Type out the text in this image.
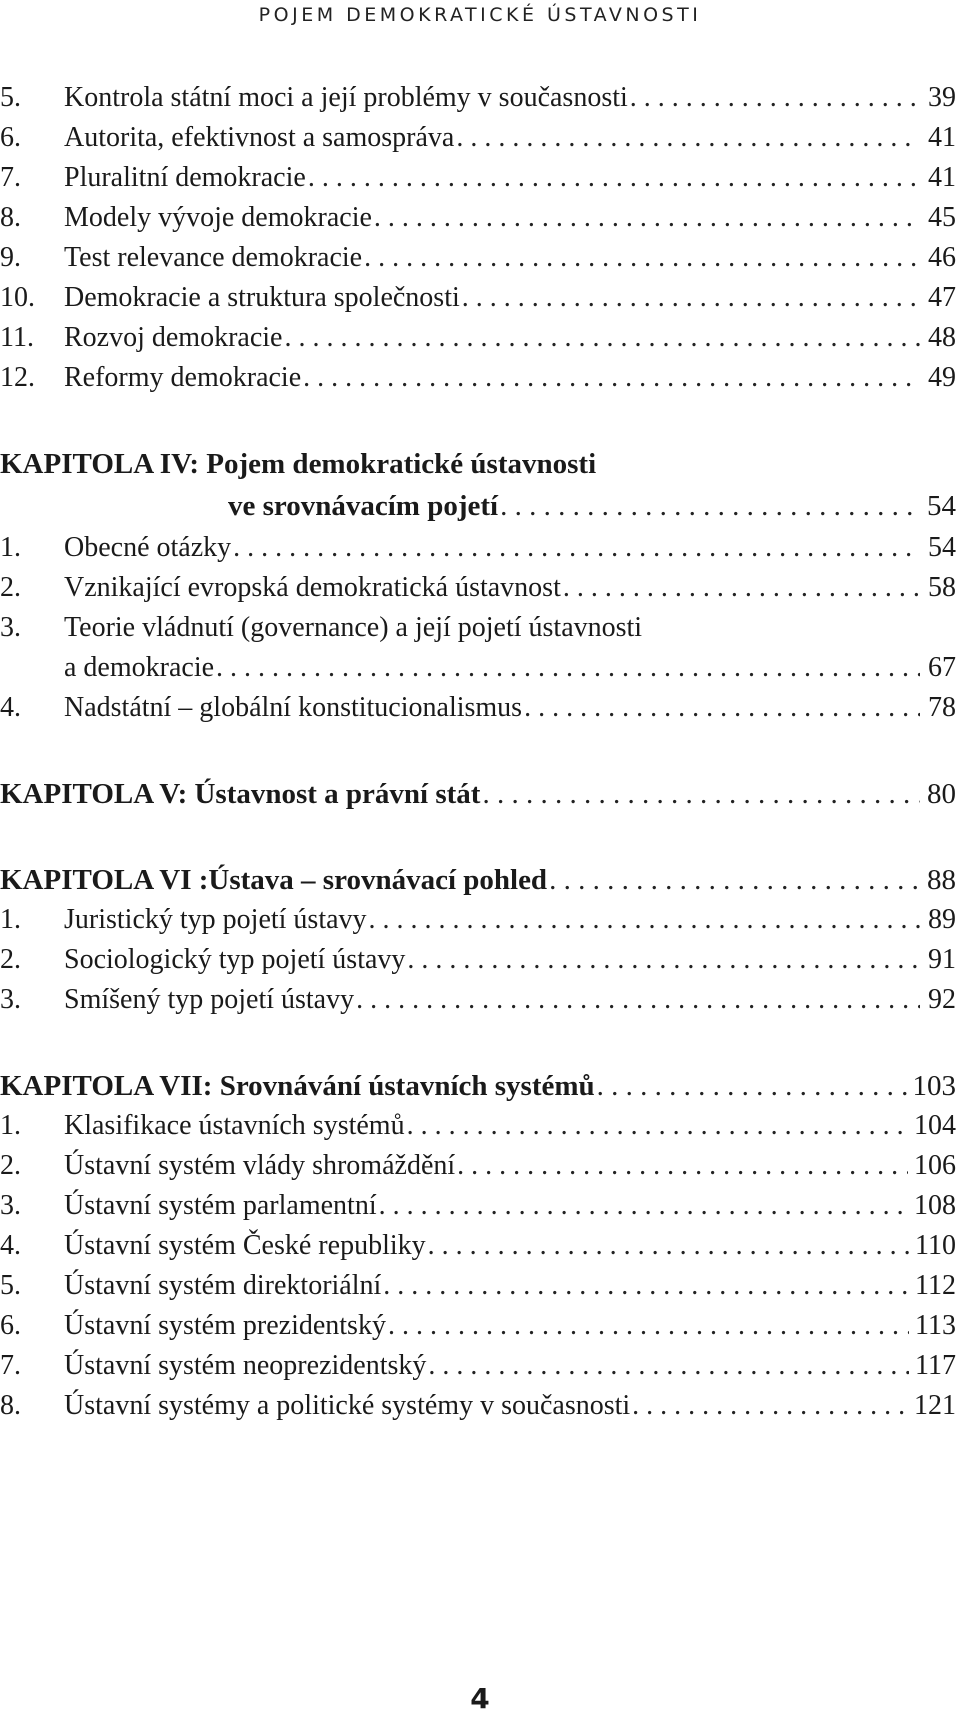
POJEM DEMOKRATICKÉ ÚSTAVNOSTI
5.	Kontrola státní moci a její problémy v současnosti . . .	39
6.	Autorita, efektivnost a samospráva . . .	41
7.	Pluralitní demokracie . . .	41
8.	Modely vývoje demokracie . . .	45
9.	Test relevance demokracie . . .	46
10.	Demokracie a struktura společnosti . . .	47
11.	Rozvoj demokracie . . .	48
12.	Reformy demokracie . . .	49
KAPITOLA IV: Pojem demokratické ústavnosti
ve srovnávacím pojetí . . .	54
1.	Obecné otázky . . .	54
2.	Vznikající evropská demokratická ústavnost . . .	58
3.	Teorie vládnutí (governance) a její pojetí ústavnosti
a demokracie . . .	67
4.	Nadstátní – globální konstitucionalismus . . .	78
KAPITOLA V: Ústavnost a právní stát . . .	80
KAPITOLA VI :Ústava – srovnávací pohled . . .	88
1.	Juristický typ pojetí ústavy . . .	89
2.	Sociologický typ pojetí ústavy . . .	91
3.	Smíšený typ pojetí ústavy . . .	92
KAPITOLA VII: Srovnávání ústavních systémů . . .	103
1.	Klasifikace ústavních systémů . . .	104
2.	Ústavní systém vlády shromáždění . . .	106
3.	Ústavní systém parlamentní . . .	108
4.	Ústavní systém České republiky . . .	110
5.	Ústavní systém direktoriální . . .	112
6.	Ústavní systém prezidentský . . .	113
7.	Ústavní systém neoprezidentský . . .	117
8.	Ústavní systémy a politické systémy v současnosti . . .	121
4
